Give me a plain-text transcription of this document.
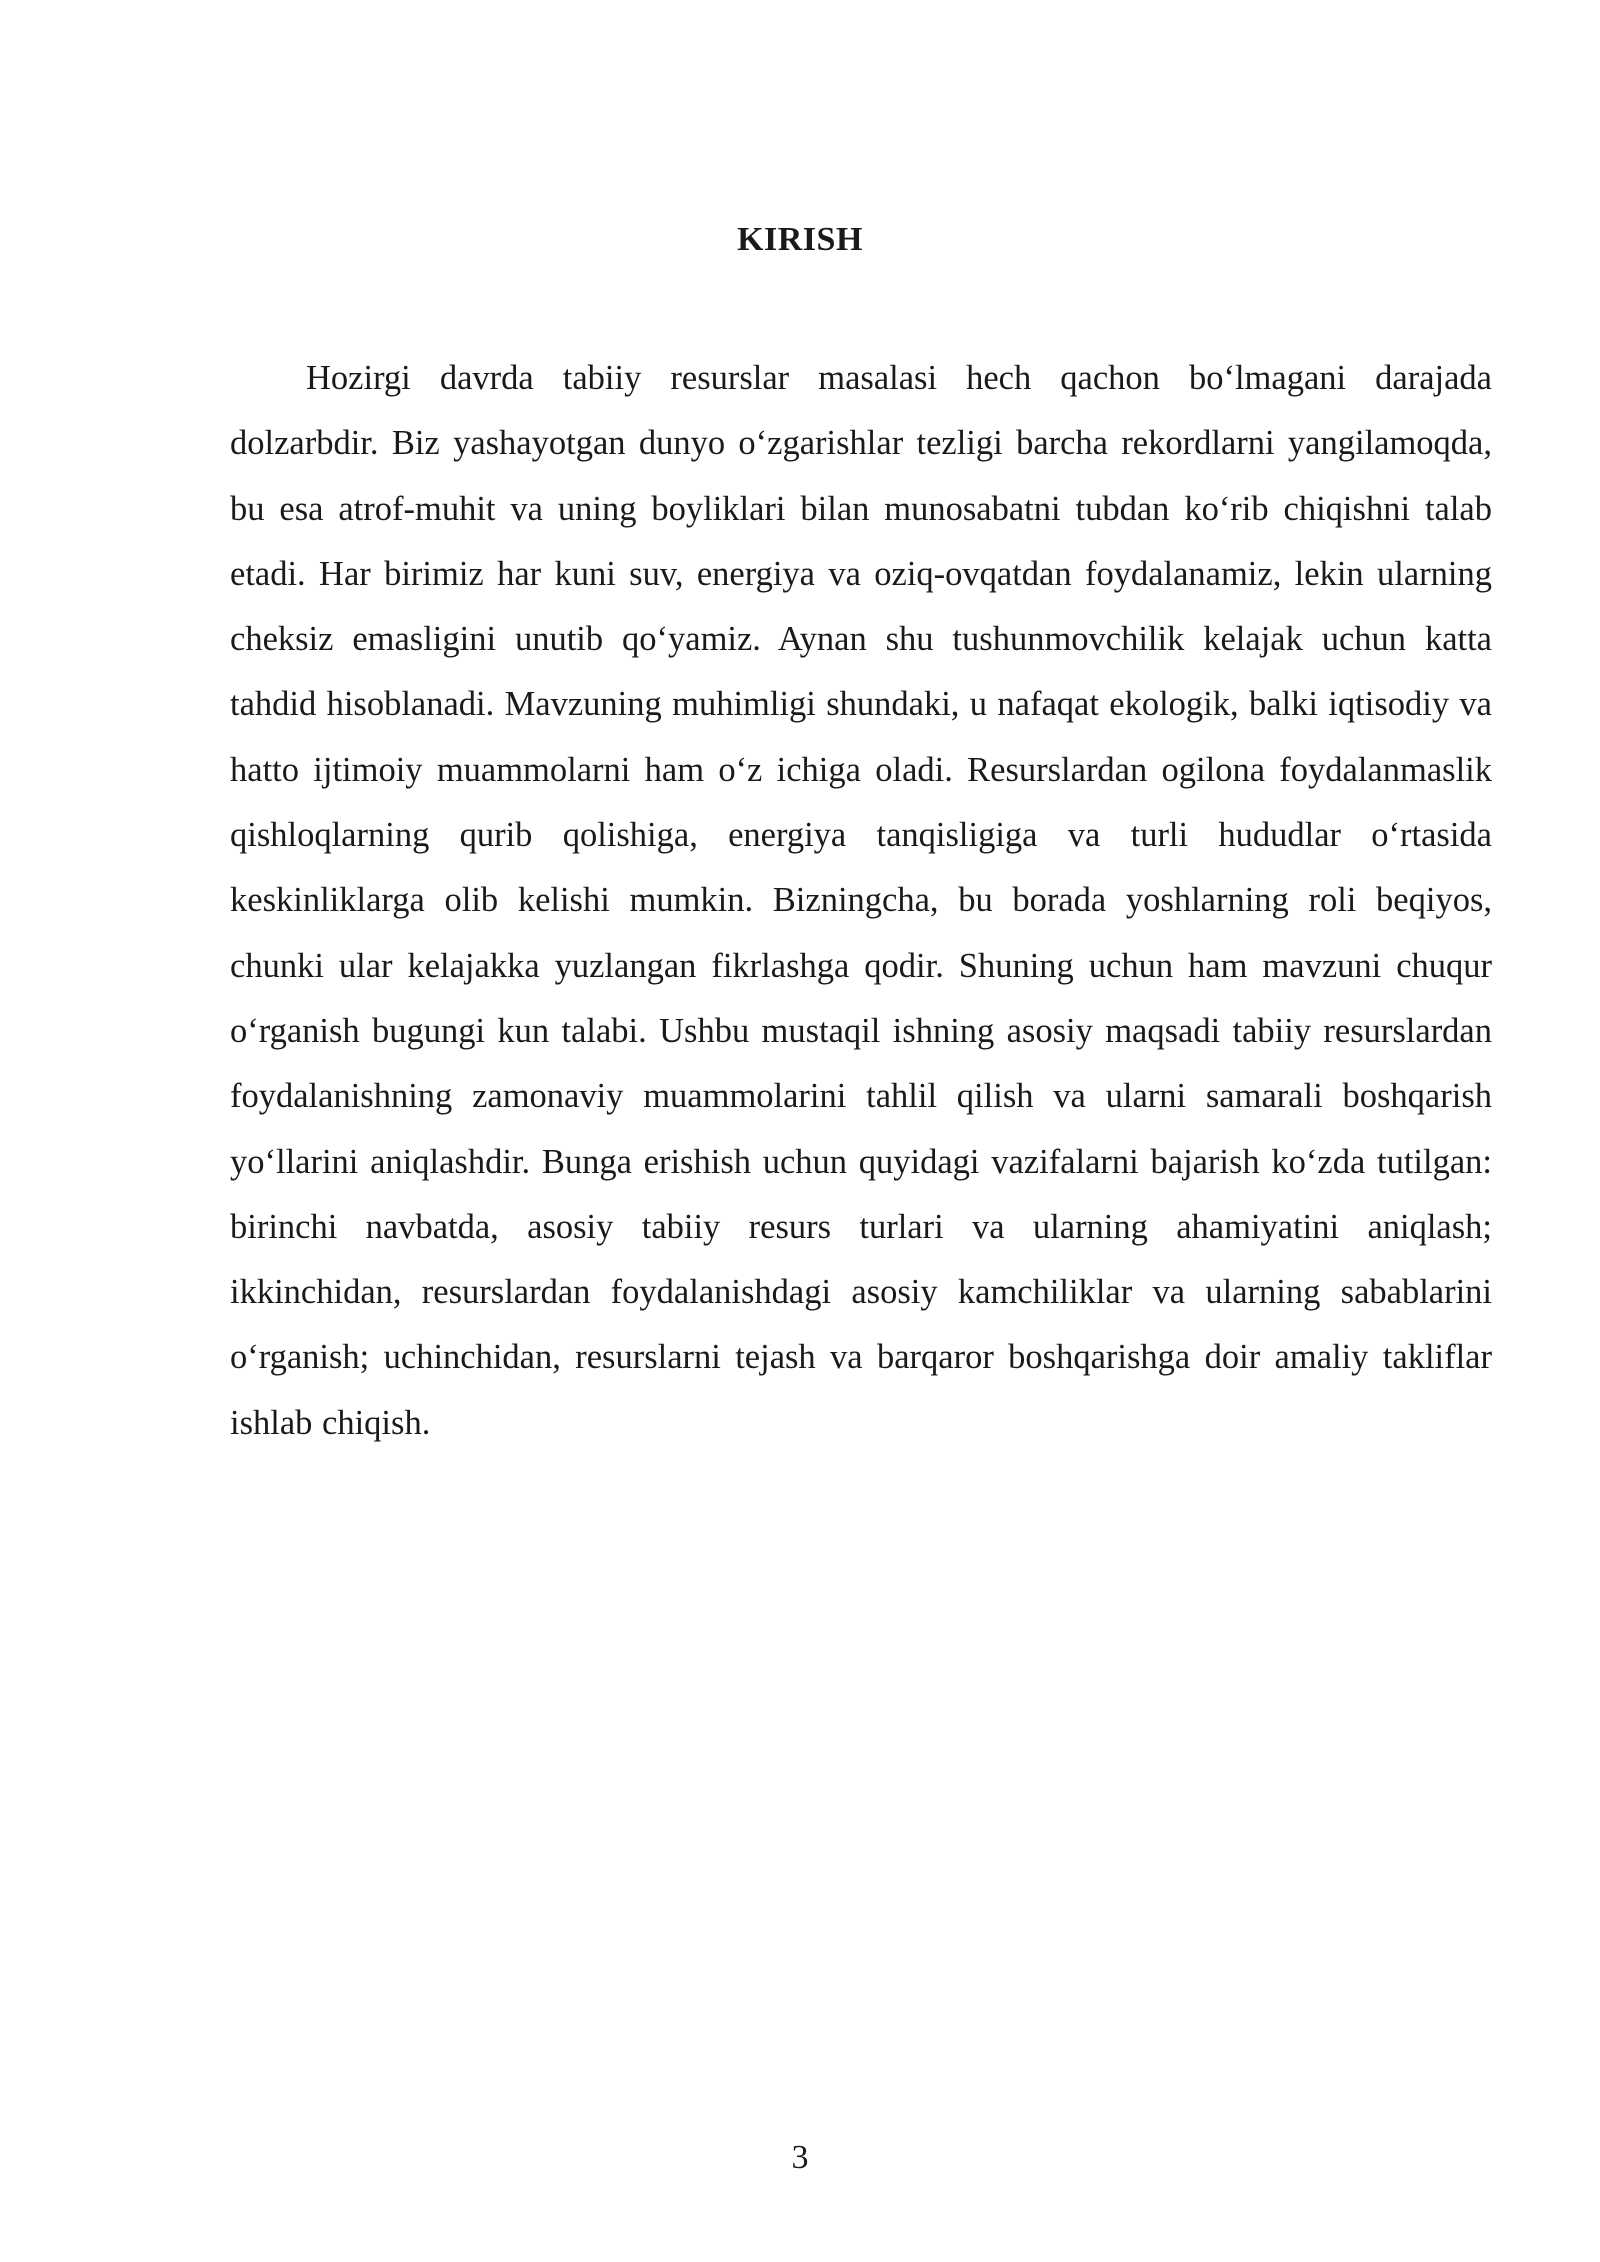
KIRISH

Hozirgi davrda tabiiy resurslar masalasi hech qachon boʻlmagani darajada dolzarbdir. Biz yashayotgan dunyo oʻzgarishlar tezligi barcha rekordlarni yangilamoqda, bu esa atrof-muhit va uning boyliklari bilan munosabatni tubdan koʻrib chiqishni talab etadi. Har birimiz har kuni suv, energiya va oziq-ovqatdan foydalanamiz, lekin ularning cheksiz emasligini unutib qoʻyamiz. Aynan shu tushunmovchilik kelajak uchun katta tahdid hisoblanadi. Mavzuning muhimligi shundaki, u nafaqat ekologik, balki iqtisodiy va hatto ijtimoiy muammolarni ham oʻz ichiga oladi. Resurslardan ogilona foydalanmaslik qishloqlarning qurib qolishiga, energiya tanqisligiga va turli hududlar oʻrtasida keskinliklarga olib kelishi mumkin. Bizningcha, bu borada yoshlarning roli beqiyos, chunki ular kelajakka yuzlangan fikrlashga qodir. Shuning uchun ham mavzuni chuqur oʻrganish bugungi kun talabi. Ushbu mustaqil ishning asosiy maqsadi tabiiy resurslardan foydalanishning zamonaviy muammolarini tahlil qilish va ularni samarali boshqarish yoʻllarini aniqlashdir. Bunga erishish uchun quyidagi vazifalarni bajarish koʻzda tutilgan: birinchi navbatda, asosiy tabiiy resurs turlari va ularning ahamiyatini aniqlash; ikkinchidan, resurslardan foydalanishdagi asosiy kamchiliklar va ularning sabablarini oʻrganish; uchinchidan, resurslarni tejash va barqaror boshqarishga doir amaliy takliflar ishlab chiqish.

3
